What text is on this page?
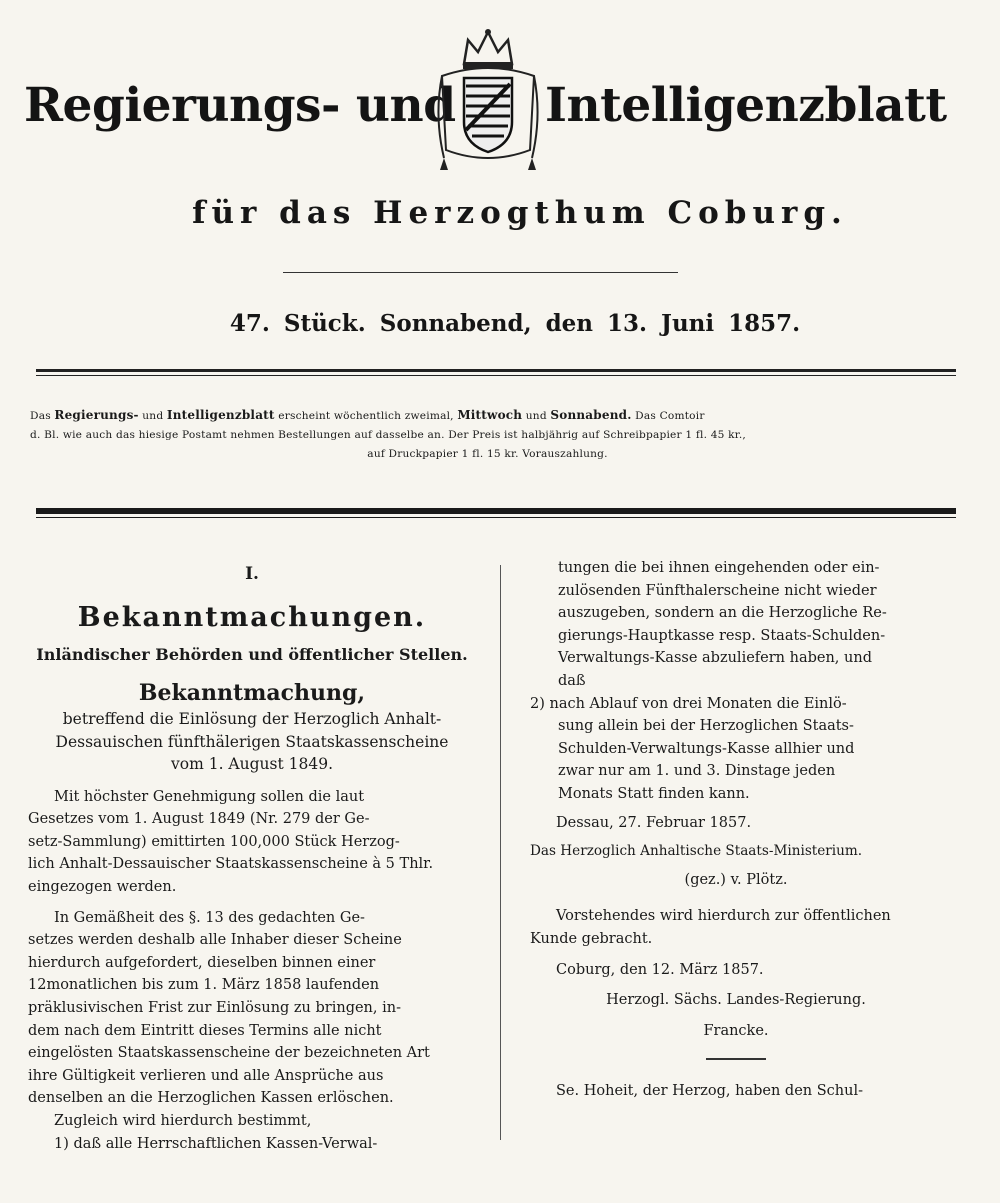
Regierungs- und Intelligenzblatt
für das Herzogthum Coburg.
47. Stück. Sonnabend, den 13. Juni 1857.

Das Regierungs- und Intelligenzblatt erscheint wöchentlich zweimal, Mittwoch und Sonnabend. Das Comtoir

d. Bl. wie auch das hiesige Postamt nehmen Bestellungen auf dasselbe an. Der Preis ist halbjährig auf Schreibpapier 1 fl. 45 kr.,

auf Druckpapier 1 fl. 15 kr. Vorauszahlung.

I.

Bekanntmachungen.

Inländischer Behörden und öffentlicher Stellen.

Bekanntmachung,

betreffend die Einlösung der Herzoglich Anhalt-

Dessauischen fünfthälerigen Staatskassenscheine

vom 1. August 1849.

Mit höchster Genehmigung sollen die laut

Gesetzes vom 1. August 1849 (Nr. 279 der Ge-

setz-Sammlung) emittirten 100,000 Stück Herzog-

lich Anhalt-Dessauischer Staatskassenscheine à 5 Thlr.

eingezogen werden.

In Gemäßheit des §. 13 des gedachten Ge-

setzes werden deshalb alle Inhaber dieser Scheine

hierdurch aufgefordert, dieselben binnen einer

12monatlichen bis zum 1. März 1858 laufenden

präklusivischen Frist zur Einlösung zu bringen, in-

dem nach dem Eintritt dieses Termins alle nicht

eingelösten Staatskassenscheine der bezeichneten Art

ihre Gültigkeit verlieren und alle Ansprüche aus

denselben an die Herzoglichen Kassen erlöschen.

Zugleich wird hierdurch bestimmt,

1) daß alle Herrschaftlichen Kassen-Verwal-

tungen die bei ihnen eingehenden oder ein-

zulösenden Fünfthalerscheine nicht wieder

auszugeben, sondern an die Herzogliche Re-

gierungs-Hauptkasse resp. Staats-Schulden-

Verwaltungs-Kasse abzuliefern haben, und

daß

2) nach Ablauf von drei Monaten die Einlö-

sung allein bei der Herzoglichen Staats-

Schulden-Verwaltungs-Kasse allhier und

zwar nur am 1. und 3. Dinstage jeden

Monats Statt finden kann.

Dessau, 27. Februar 1857.

Das Herzoglich Anhaltische Staats-Ministerium.

(gez.) v. Plötz.

Vorstehendes wird hierdurch zur öffentlichen

Kunde gebracht.

Coburg, den 12. März 1857.

Herzogl. Sächs. Landes-Regierung.

Francke.

Se. Hoheit, der Herzog, haben den Schul-
